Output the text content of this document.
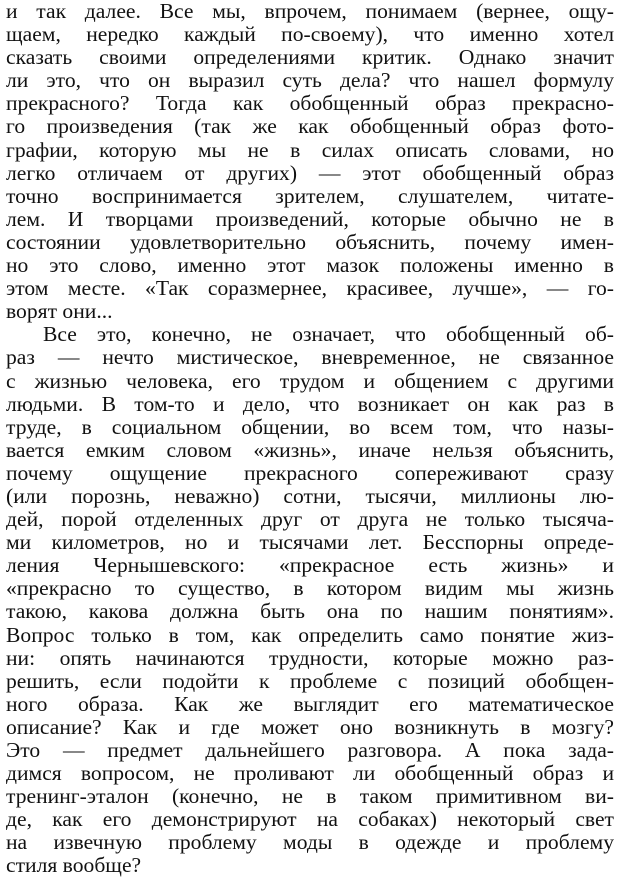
и так далее. Все мы, впрочем, понимаем (вернее, ощу-
щаем, нередко каждый по-своему), что именно хотел
сказать своими определениями критик. Однако значит
ли это, что он выразил суть дела? что нашел формулу
прекрасного? Тогда как обобщенный образ прекрасно-
го произведения (так же как обобщенный образ фото-
графии, которую мы не в силах описать словами, но
легко отличаем от других) — этот обобщенный образ
точно воспринимается зрителем, слушателем, читате-
лем. И творцами произведений, которые обычно не в
состоянии удовлетворительно объяснить, почему имен-
но это слово, именно этот мазок положены именно в
этом месте. «Так соразмернее, красивее, лучше», — го-
ворят они...
Все это, конечно, не означает, что обобщенный об-
раз — нечто мистическое, вневременное, не связанное
с жизнью человека, его трудом и общением с другими
людьми. В том-то и дело, что возникает он как раз в
труде, в социальном общении, во всем том, что назы-
вается емким словом «жизнь», иначе нельзя объяснить,
почему ощущение прекрасного сопереживают сразу
(или порознь, неважно) сотни, тысячи, миллионы лю-
дей, порой отделенных друг от друга не только тысяча-
ми километров, но и тысячами лет. Бесспорны опреде-
ления Чернышевского: «прекрасное есть жизнь» и
«прекрасно то существо, в котором видим мы жизнь
такою, какова должна быть она по нашим понятиям».
Вопрос только в том, как определить само понятие жиз-
ни: опять начинаются трудности, которые можно раз-
решить, если подойти к проблеме с позиций обобщен-
ного образа. Как же выглядит его математическое
описание? Как и где может оно возникнуть в мозгу?
Это — предмет дальнейшего разговора. А пока зада-
димся вопросом, не проливают ли обобщенный образ и
тренинг-эталон (конечно, не в таком примитивном ви-
де, как его демонстрируют на собаках) некоторый свет
на извечную проблему моды в одежде и проблему
стиля вообще?
